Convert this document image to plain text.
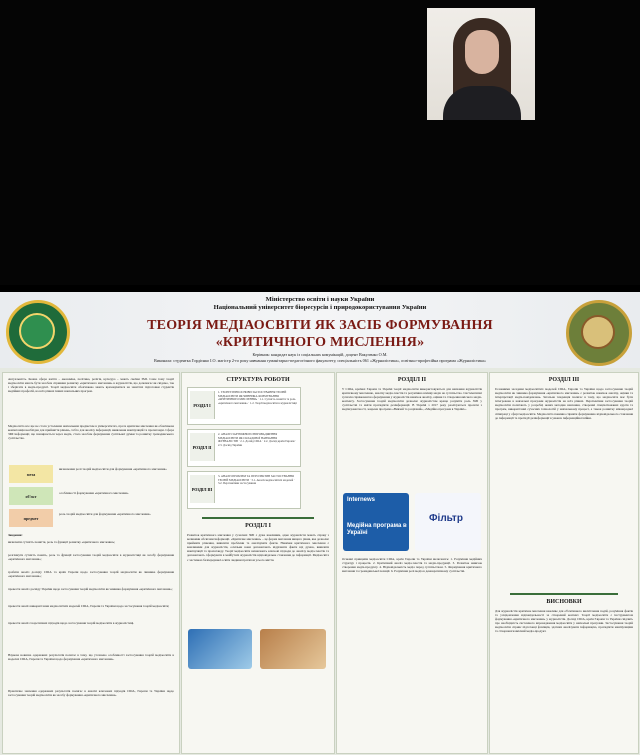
Міністерство освіти і науки України
Національний університет біоресурсів і природокористування України
ТЕОРІЯ МЕДІАОСВІТИ ЯК ЗАСІБ ФОРМУВАННЯ
«КРИТИЧНОГО МИСЛЕННЯ»
Керівник: кандидат наук із соціальних комунікацій, доцент Вакуленко О.М.
Виконала: студентка Гордієнко І.О. магістр 2-го року навчання гуманітарно-педагогічного факультету, спеціальність 061 «Журналістика», освітньо-професійна програма «Журналістика»
Актуальність. Кожна сфера життя – економіка, політика, релігія, культура – мають своїми ЗМІ. Саме тому теорії медіаосвіти мають бути засобом сприяння розвитку «критичного мислення» в журналістів, що допомагає як свідомо, так і зберігати в медіа-продукті. Теорії медіаосвіти обов'язково мають враховуватися на заняттях підготовки студентів медійних професій, на всіх рівнях інших навчальних програм.
Медіаосвіта все ще не стала усталеним навчальним предметом в університетах, проте критичне мислення як обов'язкова компетенція необхідна для прийняття рішень, тобто для аналізу інформації, виявлення маніпуляцій та пропаганди. Сфера ЗМІ інформації, що поширюється через медіа, стала засобом формування суспільної думки та розвитку громадянського суспільства.
мета
визначення ролі теорій медіаосвіти для формування «критичного мислення»
об'єкт
особливості формування «критичного мислення»
предмет
роль теорій медіаосвіти для формування «критичного мислення»
Завдання:
визначити сутність поняття, роль та функції розвитку «критичного мислення»;
розглянути сутність понять, роль та функції застосування теорій медіаосвіти в журналістиці як засобу формування «критичного мислення»;
зробити аналіз досвіду США та країн Європи щодо застосування теорій медіаосвіти як чинника формування «критичного мислення»;
провести аналіз досвіду України щодо застосування теорій медіаосвіти як чинника формування «критичного мислення»;
провести аналіз використання медіаосвітніх моделей США, Європи та України щодо застосування теорій медіаосвіти;
провести аналіз теоретичних підходів щодо застосування теорій медіаосвіти в журналістиці.
Наукова новизна одержаних результатів полягає в тому, що уточнено особливості застосування теорій медіаосвіти в моделях США, Європи та України щодо формування «критичного мислення».
Практичне значення одержаних результатів полягає в аналізі ключових підходів США, Європи та України щодо застосування теорій медіаосвіти як засобу формування «критичного мислення».
СТРУКТУРА РОБОТИ
РОЗДІЛ І
1. ТЕОРЕТИЧНІ ОСНОВИ ЗАСТОСУВАННЯ ТЕОРІЙ МЕДІАОСВІТИ ЯК ЧИННИКА ФОРМУВАННЯ «КРИТИЧНОГО МИСЛЕННЯ» · 1.1. Сутність поняття та роль «критичного мислення» · 1.2. Теорії медіаосвіти в журналістиці
РОЗДІЛ ІІ
2. АНАЛІЗ ЗАРУБІЖНОГО ВПРОВАДЖЕННЯ МЕДІАОСВІТИ ЯК СКЛАДОВОЇ НАВЧАННЯ ЖУРНАЛІСТІВ · 2.1. Досвід США · 2.2. Досвід країн Європи · 2.3. Досвід України
РОЗДІЛ ІІІ
3. АНАЛІЗ ПРОБЛЕМ ТА ПЕРСПЕКТИВ ЗАСТОСУВАННЯ ТЕОРІЙ МЕДІАОСВІТИ · 3.1. Аналіз медіаосвітніх моделей · 3.2. Перспективи застосування
РОЗДІЛ І
Розвиток критичного мислення у сучасних ЗМІ є дуже важливим, адже журналісти мають справу з великими обсягами інформації. «Критичне мислення» – це форма мислення вищого рівня, яка дозволяє приймати рішення, виявляти проблеми та аналізувати факти. Навички критичного мислення є важливими для журналістів, оскільки вони допомагають відрізняти факти від думок, виявляти маніпуляції та пропаганду. Теорії медіаосвіти визначають ключові підходи до аналізу медіа-текстів та допомагають сформувати в майбутніх журналістів відповідальне ставлення до інформації. Медіаосвіта є частиною безперервної освіти людини протягом усього життя.
РОЗДІЛ ІІ
У США, країнах Європи та Україні теорії медіаосвіти використовуються для навчання журналістів критичному мисленню, аналізу медіа-текстів та розумінню впливу медіа на суспільство. Систематичні зусилля спрямовані на формування у журналістів навичок аналізу, оцінки та створення якісного медіа-контенту. Застосування теорій медіаосвіти дозволяє журналістам краще розуміти роль ЗМІ у суспільстві та вміти протидіяти дезінформації. В Україні з 2017 року реалізуються проєкти з медіаграмотності, зокрема програма «Вивчай та розрізняй», «Медійна програма в Україні».
Internews
Медійна програма в Україні
Фільтр
Основні принципи медіаосвіти США, країн Європи та України включають: 1. Розуміння медійних структур і процесів. 2. Критичний аналіз медіа-текстів та медіа-продукції. 3. Розвиток навичок створення медіа-продукту. 4. Відповідальність медіа перед суспільством. 5. Формування критичного мислення та громадянської позиції. 6. Розуміння ролі медіа в демократичному суспільстві.
РОЗДІЛ ІІІ
Головними засадами медіаосвітніх моделей США, Європи та України щодо застосування теорій медіаосвіти як чинника формування «критичного мислення» є розвиток навичок аналізу, оцінки та інтерпретації медіа-повідомлень. Загальна тенденція полягає в тому, що медіаосвіта має бути інтегрована в навчальні програми журналістів на всіх рівнях. Перспективи застосування теорій медіаосвіти полягають у розробці нових методик навчання, створенні спеціалізованих курсів та програм, використанні сучасних технологій у навчальному процесі, а також розвитку міжнародної співпраці у сфері медіаосвіти. Медіаосвіта повинна сприяти формуванню відповідального ставлення до інформації та протидії дезінформації в умовах інформаційної війни.
ВИСНОВКИ
Для журналістів критичне мислення важливе для об'єктивного висвітлення подій, розуміння фактів та усвідомлення відповідальності за створений контент. Теорії медіаосвіти є інструментом формування «критичного мислення» у журналістів. Досвід США, країн Європи та України свідчить про необхідність системного впровадження медіаосвіти у навчальні програми. Застосування теорій медіаосвіти сприяє підготовці фахівців, здатних аналізувати інформацію, протидіяти маніпуляціям та створювати якісний медіа-продукт.
